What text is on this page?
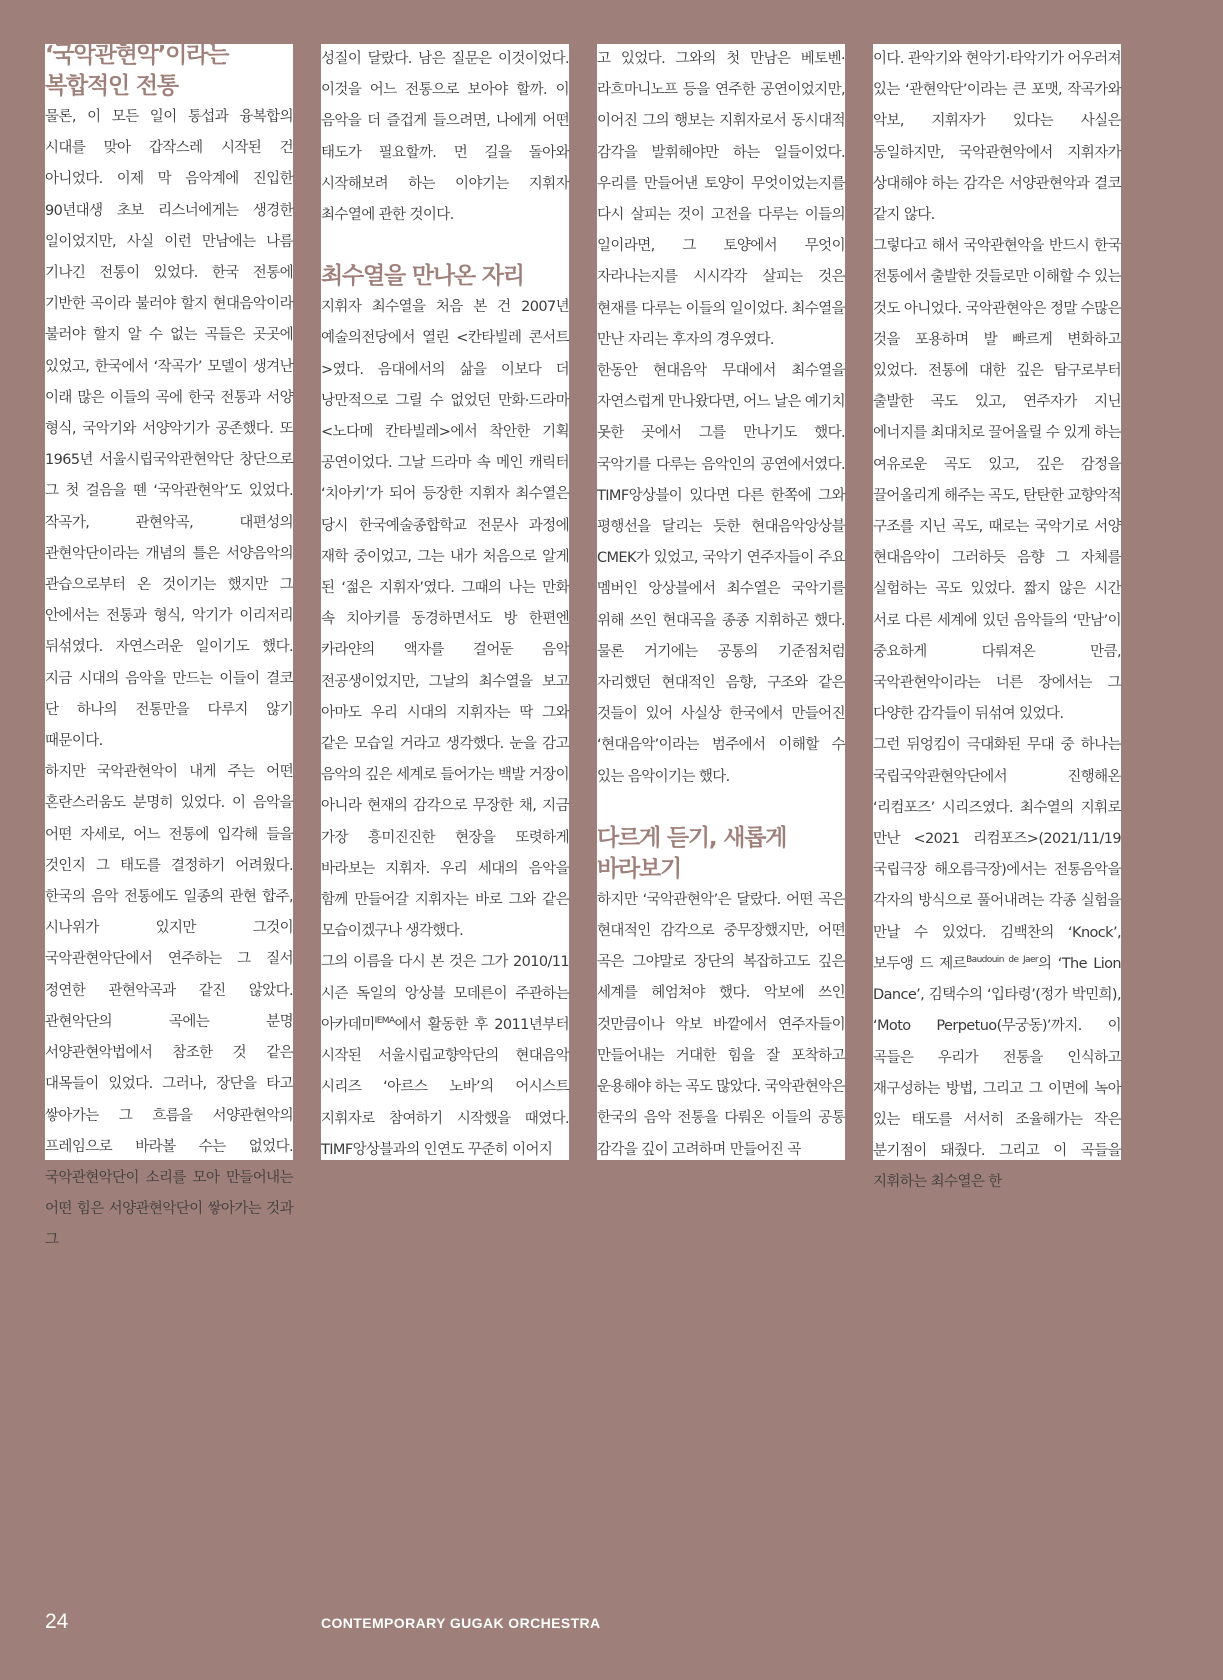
‘국악관현악’이라는 복합적인 전통

물론, 이 모든 일이 통섭과 융복합의 시대를 맞아 갑작스레 시작된 건 아니었다. 이제 막 음악계에 진입한 90년대생 초보 리스너에게는 생경한 일이었지만, 사실 이런 만남에는 나름 기나긴 전통이 있었다. 한국 전통에 기반한 곡이라 불러야 할지 현대음악이라 불러야 할지 알 수 없는 곡들은 곳곳에 있었고, 한국에서 ‘작곡가’ 모델이 생겨난 이래 많은 이들의 곡에 한국 전통과 서양 형식, 국악기와 서양악기가 공존했다. 또 1965년 서울시립국악관현악단 창단으로 그 첫 걸음을 뗀 ‘국악관현악’도 있었다. 작곡가, 관현악곡, 대편성의 관현악단이라는 개념의 틀은 서양음악의 관습으로부터 온 것이기는 했지만 그 안에서는 전통과 형식, 악기가 이리저리 뒤섞였다. 자연스러운 일이기도 했다. 지금 시대의 음악을 만드는 이들이 결코 단 하나의 전통만을 다루지 않기 때문이다.

하지만 국악관현악이 내게 주는 어떤 혼란스러움도 분명히 있었다. 이 음악을 어떤 자세로, 어느 전통에 입각해 들을 것인지 그 태도를 결정하기 어려웠다. 한국의 음악 전통에도 일종의 관현 합주, 시나위가 있지만 그것이 국악관현악단에서 연주하는 그 질서 정연한 관현악곡과 같진 않았다. 관현악단의 곡에는 분명 서양관현악법에서 참조한 것 같은 대목들이 있었다. 그러나, 장단을 타고 쌓아가는 그 흐름을 서양관현악의 프레임으로 바라볼 수는 없었다. 국악관현악단이 소리를 모아 만들어내는 어떤 힘은 서양관현악단이 쌓아가는 것과 그

성질이 달랐다. 남은 질문은 이것이었다. 이것을 어느 전통으로 보아야 할까. 이 음악을 더 즐겁게 들으려면, 나에게 어떤 태도가 필요할까. 먼 길을 돌아와 시작해보려 하는 이야기는 지휘자 최수열에 관한 것이다.

최수열을 만나온 자리

지휘자 최수열을 처음 본 건 2007년 예술의전당에서 열린 <칸타빌레 콘서트>였다. 음대에서의 삶을 이보다 더 낭만적으로 그릴 수 없었던 만화·드라마 <노다메 칸타빌레>에서 착안한 기획 공연이었다. 그날 드라마 속 메인 캐릭터 ‘치아키’가 되어 등장한 지휘자 최수열은 당시 한국예술종합학교 전문사 과정에 재학 중이었고, 그는 내가 처음으로 알게 된 ‘젊은 지휘자’였다. 그때의 나는 만화 속 치아키를 동경하면서도 방 한편엔 카라얀의 액자를 걸어둔 음악 전공생이었지만, 그날의 최수열을 보고 아마도 우리 시대의 지휘자는 딱 그와 같은 모습일 거라고 생각했다. 눈을 감고 음악의 깊은 세계로 들어가는 백발 거장이 아니라 현재의 감각으로 무장한 채, 지금 가장 흥미진진한 현장을 또렷하게 바라보는 지휘자. 우리 세대의 음악을 함께 만들어갈 지휘자는 바로 그와 같은 모습이겠구나 생각했다.

그의 이름을 다시 본 것은 그가 2010/11 시즌 독일의 앙상블 모데른이 주관하는 아카데미$^{IEMA}$에서 활동한 후 2011년부터 시작된 서울시립교향악단의 현대음악 시리즈 ‘아르스 노바’의 어시스트 지휘자로 참여하기 시작했을 때였다. TIMF앙상블과의 인연도 꾸준히 이어지

고 있었다. 그와의 첫 만남은 베토벤·라흐마니노프 등을 연주한 공연이었지만, 이어진 그의 행보는 지휘자로서 동시대적 감각을 발휘해야만 하는 일들이었다. 우리를 만들어낸 토양이 무엇이었는지를 다시 살피는 것이 고전을 다루는 이들의 일이라면, 그 토양에서 무엇이 자라나는지를 시시각각 살피는 것은 현재를 다루는 이들의 일이었다. 최수열을 만난 자리는 후자의 경우였다.

한동안 현대음악 무대에서 최수열을 자연스럽게 만나왔다면, 어느 날은 예기치 못한 곳에서 그를 만나기도 했다. 국악기를 다루는 음악인의 공연에서였다. TIMF앙상블이 있다면 다른 한쪽에 그와 평행선을 달리는 듯한 현대음악앙상블 CMEK가 있었고, 국악기 연주자들이 주요 멤버인 앙상블에서 최수열은 국악기를 위해 쓰인 현대곡을 종종 지휘하곤 했다. 물론 거기에는 공통의 기준점처럼 자리했던 현대적인 음향, 구조와 같은 것들이 있어 사실상 한국에서 만들어진 ‘현대음악’이라는 범주에서 이해할 수 있는 음악이기는 했다.

다르게 듣기, 새롭게 바라보기

하지만 ‘국악관현악’은 달랐다. 어떤 곡은 현대적인 감각으로 중무장했지만, 어떤 곡은 그야말로 장단의 복잡하고도 깊은 세계를 헤엄쳐야 했다. 악보에 쓰인 것만큼이나 악보 바깥에서 연주자들이 만들어내는 거대한 힘을 잘 포착하고 운용해야 하는 곡도 많았다. 국악관현악은 한국의 음악 전통을 다뤄온 이들의 공통 감각을 깊이 고려하며 만들어진 곡

이다. 관악기와 현악기·타악기가 어우러져 있는 ‘관현악단’이라는 큰 포맷, 작곡가와 악보, 지휘자가 있다는 사실은 동일하지만, 국악관현악에서 지휘자가 상대해야 하는 감각은 서양관현악과 결코 같지 않다.

그렇다고 해서 국악관현악을 반드시 한국 전통에서 출발한 것들로만 이해할 수 있는 것도 아니었다. 국악관현악은 정말 수많은 것을 포용하며 발 빠르게 변화하고 있었다. 전통에 대한 깊은 탐구로부터 출발한 곡도 있고, 연주자가 지닌 에너지를 최대치로 끌어올릴 수 있게 하는 여유로운 곡도 있고, 깊은 감정을 끌어올리게 해주는 곡도, 탄탄한 교향악적 구조를 지닌 곡도, 때로는 국악기로 서양 현대음악이 그러하듯 음향 그 자체를 실험하는 곡도 있었다. 짧지 않은 시간 서로 다른 세계에 있던 음악들의 ‘만남’이 중요하게 다뤄져온 만큼, 국악관현악이라는 너른 장에서는 그 다양한 감각들이 뒤섞여 있었다.

그런 뒤엉킴이 극대화된 무대 중 하나는 국립국악관현악단에서 진행해온 ‘리컴포즈’ 시리즈였다. 최수열의 지휘로 만난 <2021 리컴포즈>(2021/11/19 국립극장 해오름극장)에서는 전통음악을 각자의 방식으로 풀어내려는 각종 실험을 만날 수 있었다. 김백찬의 ‘Knock’, 보두앵 드 제르$^{Baudouin de Jaer}$의 ‘The Lion Dance’, 김택수의 ‘입타령’(정가 박민희), ‘Moto Perpetuo(무궁동)’까지. 이 곡들은 우리가 전통을 인식하고 재구성하는 방법, 그리고 그 이면에 녹아 있는 태도를 서서히 조율해가는 작은 분기점이 돼줬다. 그리고 이 곡들을 지휘하는 최수열은 한

24	CONTEMPORARY GUGAK ORCHESTRA
